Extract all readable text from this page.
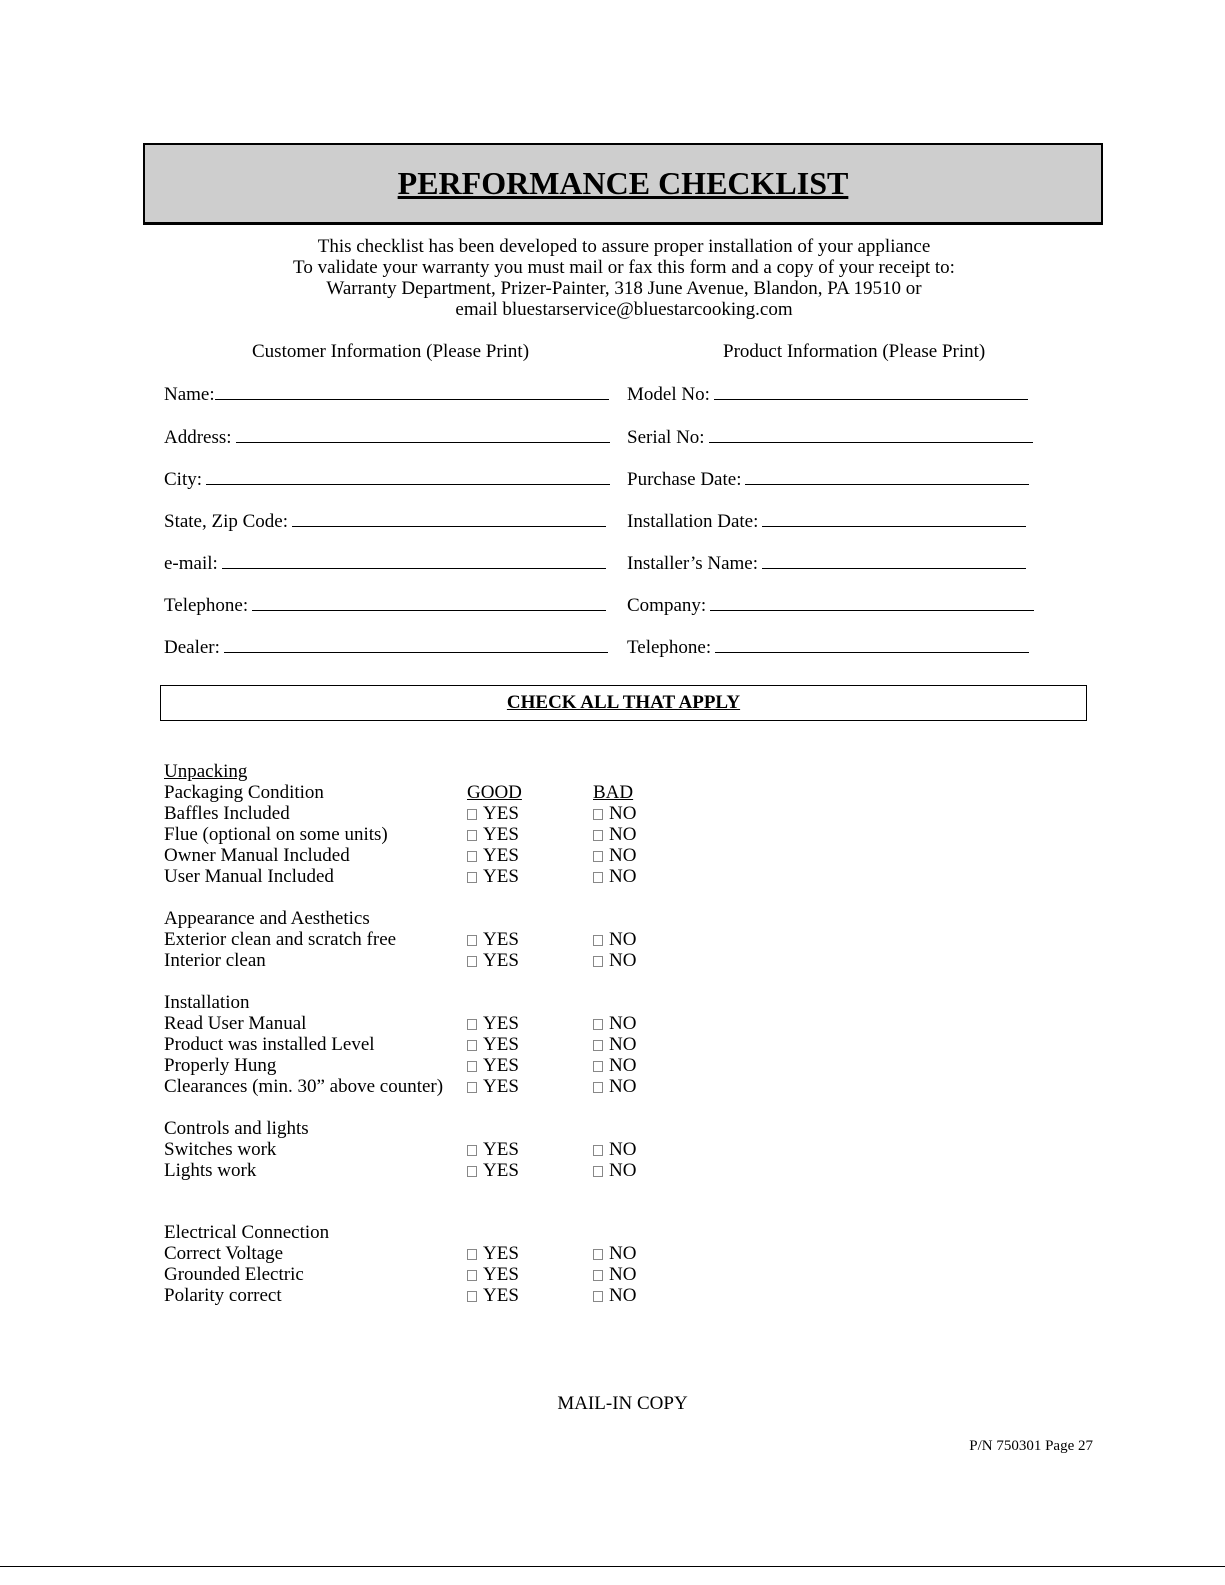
PERFORMANCE CHECKLIST
This checklist has been developed to assure proper installation of your appliance
To validate your warranty you must mail or fax this form and a copy of your receipt to:
Warranty Department, Prizer-Painter, 318 June Avenue, Blandon, PA 19510 or
email bluestarservice@bluestarcooking.com
Customer Information (Please Print)	Product Information (Please Print)
Name:
Address:
City:
State, Zip Code:
e-mail:
Telephone:
Dealer:
Model No:
Serial No:
Purchase Date:
Installation Date:
Installer’s Name:
Company:
Telephone:
CHECK ALL THAT APPLY
Unpacking
Packaging Condition	GOOD	BAD
Baffles Included	YES	NO
Flue (optional on some units)	YES	NO
Owner Manual Included	YES	NO
User Manual Included	YES	NO
Appearance and Aesthetics
Exterior clean and scratch free	YES	NO
Interior clean	YES	NO
Installation
Read User Manual	YES	NO
Product was installed Level	YES	NO
Properly Hung	YES	NO
Clearances (min. 30” above counter)	YES	NO
Controls and lights
Switches work	YES	NO
Lights work	YES	NO
Electrical Connection
Correct Voltage	YES	NO
Grounded Electric	YES	NO
Polarity correct	YES	NO
MAIL-IN COPY
P/N 750301 Page 27
